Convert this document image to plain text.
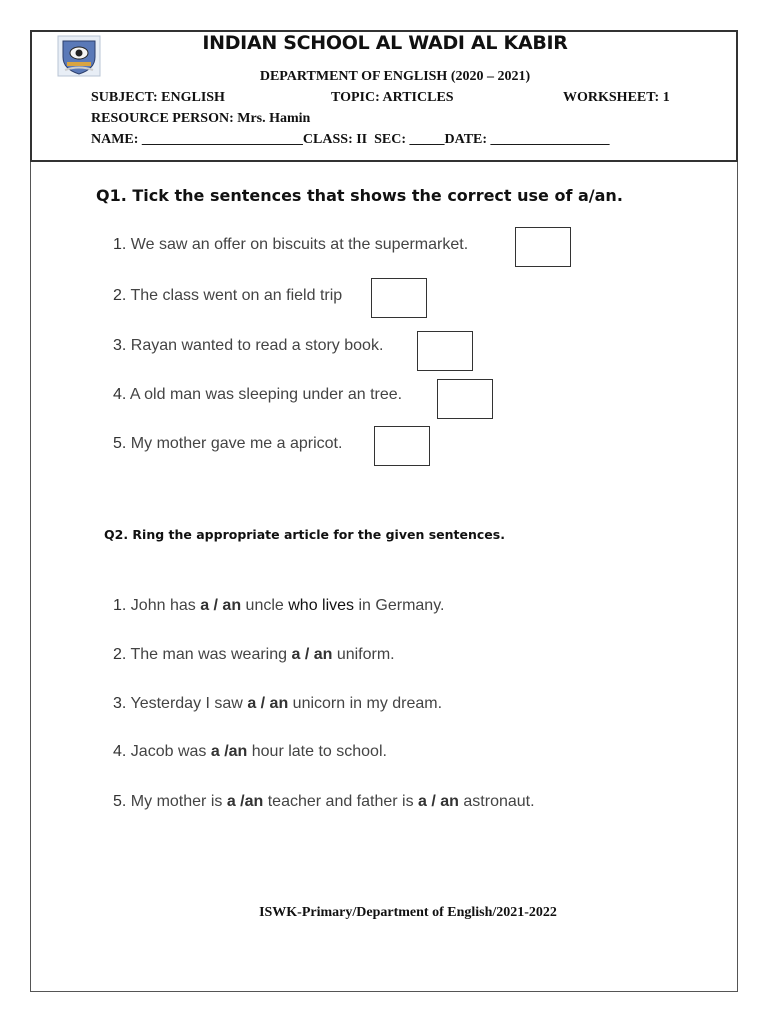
INDIAN SCHOOL AL WADI AL KABIR
DEPARTMENT OF ENGLISH (2020 – 2021)
SUBJECT: ENGLISH	TOPIC: ARTICLES	WORKSHEET: 1
RESOURCE PERSON: Mrs. Hamin
NAME: _______________________CLASS: II  SEC: _____DATE: _________________
Q1. Tick the sentences that shows the correct use of a/an.
1. We saw an offer on biscuits at the supermarket.
2. The class went on an field trip
3. Rayan wanted to read a story book.
4. A old man was sleeping under an tree.
5. My mother gave me a apricot.
Q2. Ring the appropriate article for the given sentences.
1. John has a / an uncle who lives in Germany.
2. The man was wearing a / an uniform.
3. Yesterday I saw a / an unicorn in my dream.
4. Jacob was a /an hour late to school.
5. My mother is a /an teacher and father is a / an astronaut.
ISWK-Primary/Department of English/2021-2022
